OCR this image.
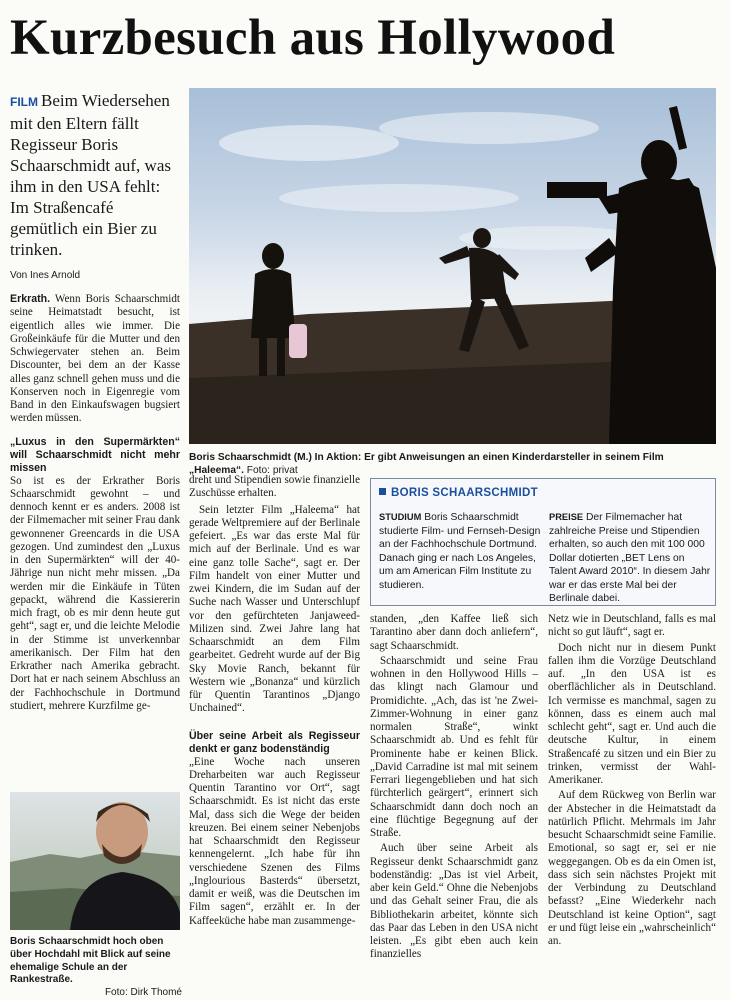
Kurzbesuch aus Hollywood
FILM Beim Wiedersehen mit den Eltern fällt Regisseur Boris Schaarschmidt auf, was ihm in den USA fehlt: Im Straßencafé gemütlich ein Bier zu trinken.
Von Ines Arnold

Erkrath. Wenn Boris Schaarschmidt seine Heimatstadt besucht, ist eigentlich alles wie immer. Die Großeinkäufe für die Mutter und den Schwiegervater stehen an. Beim Discounter, bei dem an der Kasse alles ganz schnell gehen muss und die Konserven noch in Eigenregie vom Band in den Einkaufswagen bugsiert werden müssen.

„Luxus in den Supermärkten“ will Schaarschmidt nicht mehr missen

So ist es der Erkrather Boris Schaarschmidt gewohnt – und dennoch kennt er es anders. 2008 ist der Filmemacher mit seiner Frau dank gewonnener Greencards in die USA gezogen. Und zumindest den „Luxus in den Supermärkten“ will der 40-Jährige nun nicht mehr missen. „Da werden mir die Einkäufe in Tüten gepackt, während die Kassiererin mich fragt, ob es mir denn heute gut geht“, sagt er, und die leichte Melodie in der Stimme ist unverkennbar amerikanisch. Der Film hat den Erkrather nach Amerika gebracht. Dort hat er nach seinem Abschluss an der Fachhochschule in Dortmund studiert, mehrere Kurzfilme ge-

Boris Schaarschmidt (M.) In Aktion: Er gibt Anweisungen an einen Kinderdarsteller in seinem Film „Haleema“. Foto: privat

dreht und Stipendien sowie finanzielle Zuschüsse erhalten.

Sein letzter Film „Haleema“ hat gerade Weltpremiere auf der Berlinale gefeiert. „Es war das erste Mal für mich auf der Berlinale. Und es war eine ganz tolle Sache“, sagt er. Der Film handelt von einer Mutter und zwei Kindern, die im Sudan auf der Suche nach Wasser und Unterschlupf vor den gefürchteten Janjaweed-Milizen sind. Zwei Jahre lang hat Schaarschmidt an dem Film gearbeitet. Gedreht wurde auf der Big Sky Movie Ranch, bekannt für Western wie „Bonanza“ und kürzlich für Quentin Tarantinos „Django Unchained“.

Über seine Arbeit als Regisseur denkt er ganz bodenständig

„Eine Woche nach unseren Dreharbeiten war auch Regisseur Quentin Tarantino vor Ort“, sagt Schaarschmidt. Es ist nicht das erste Mal, dass sich die Wege der beiden kreuzen. Bei einem seiner Nebenjobs hat Schaarschmidt den Regisseur kennengelernt. „Ich habe für ihn verschiedene Szenen des Films „Inglourious Basterds“ übersetzt, damit er weiß, was die Deutschen im Film sagen“, erzählt er. In der Kaffeeküche habe man zusammenge-

BORIS SCHAARSCHMIDT
STUDIUM Boris Schaarschmidt studierte Film- und Fernseh-Design an der Fachhochschule Dortmund. Danach ging er nach Los Angeles, um am American Film Institute zu studieren.
PREISE Der Filmemacher hat zahlreiche Preise und Stipendien erhalten, so auch den mit 100 000 Dollar dotierten „BET Lens on Talent Award 2010“. In diesem Jahr war er das erste Mal bei der Berlinale dabei.

standen, „den Kaffee ließ sich Tarantino aber dann doch anliefern“, sagt Schaarschmidt.

Schaarschmidt und seine Frau wohnen in den Hollywood Hills – das klingt nach Glamour und Promidichte. „Ach, das ist 'ne Zwei-Zimmer-Wohnung in einer ganz normalen Straße“, winkt Schaarschmidt ab. Und es fehlt für Prominente habe er keinen Blick. „David Carradine ist mal mit seinem Ferrari liegengeblieben und hat sich fürchterlich geärgert“, erinnert sich Schaarschmidt dann doch noch an eine flüchtige Begegnung auf der Straße.

Auch über seine Arbeit als Regisseur denkt Schaarschmidt ganz bodenständig: „Das ist viel Arbeit, aber kein Geld.“ Ohne die Nebenjobs und das Gehalt seiner Frau, die als Bibliothekarin arbeitet, könnte sich das Paar das Leben in den USA nicht leisten. „Es gibt eben auch kein finanzielles

Netz wie in Deutschland, falls es mal nicht so gut läuft“, sagt er.

Doch nicht nur in diesem Punkt fallen ihm die Vorzüge Deutschland auf. „In den USA ist es oberflächlicher als in Deutschland. Ich vermisse es manchmal, sagen zu können, dass es einem auch mal schlecht geht“, sagt er. Und auch die deutsche Kultur, in einem Straßencafé zu sitzen und ein Bier zu trinken, vermisst der Wahl-Amerikaner.

Auf dem Rückweg von Berlin war der Abstecher in die Heimatstadt da natürlich Pflicht. Mehrmals im Jahr besucht Schaarschmidt seine Familie. Emotional, so sagt er, sei er nie weggegangen. Ob es da ein Omen ist, dass sich sein nächstes Projekt mit der Verbindung zu Deutschland befasst? „Eine Wiederkehr nach Deutschland ist keine Option“, sagt er und fügt leise ein „wahrscheinlich“ an.

Boris Schaarschmidt hoch oben über Hochdahl mit Blick auf seine ehemalige Schule an der Rankestraße.
Foto: Dirk Thomé
